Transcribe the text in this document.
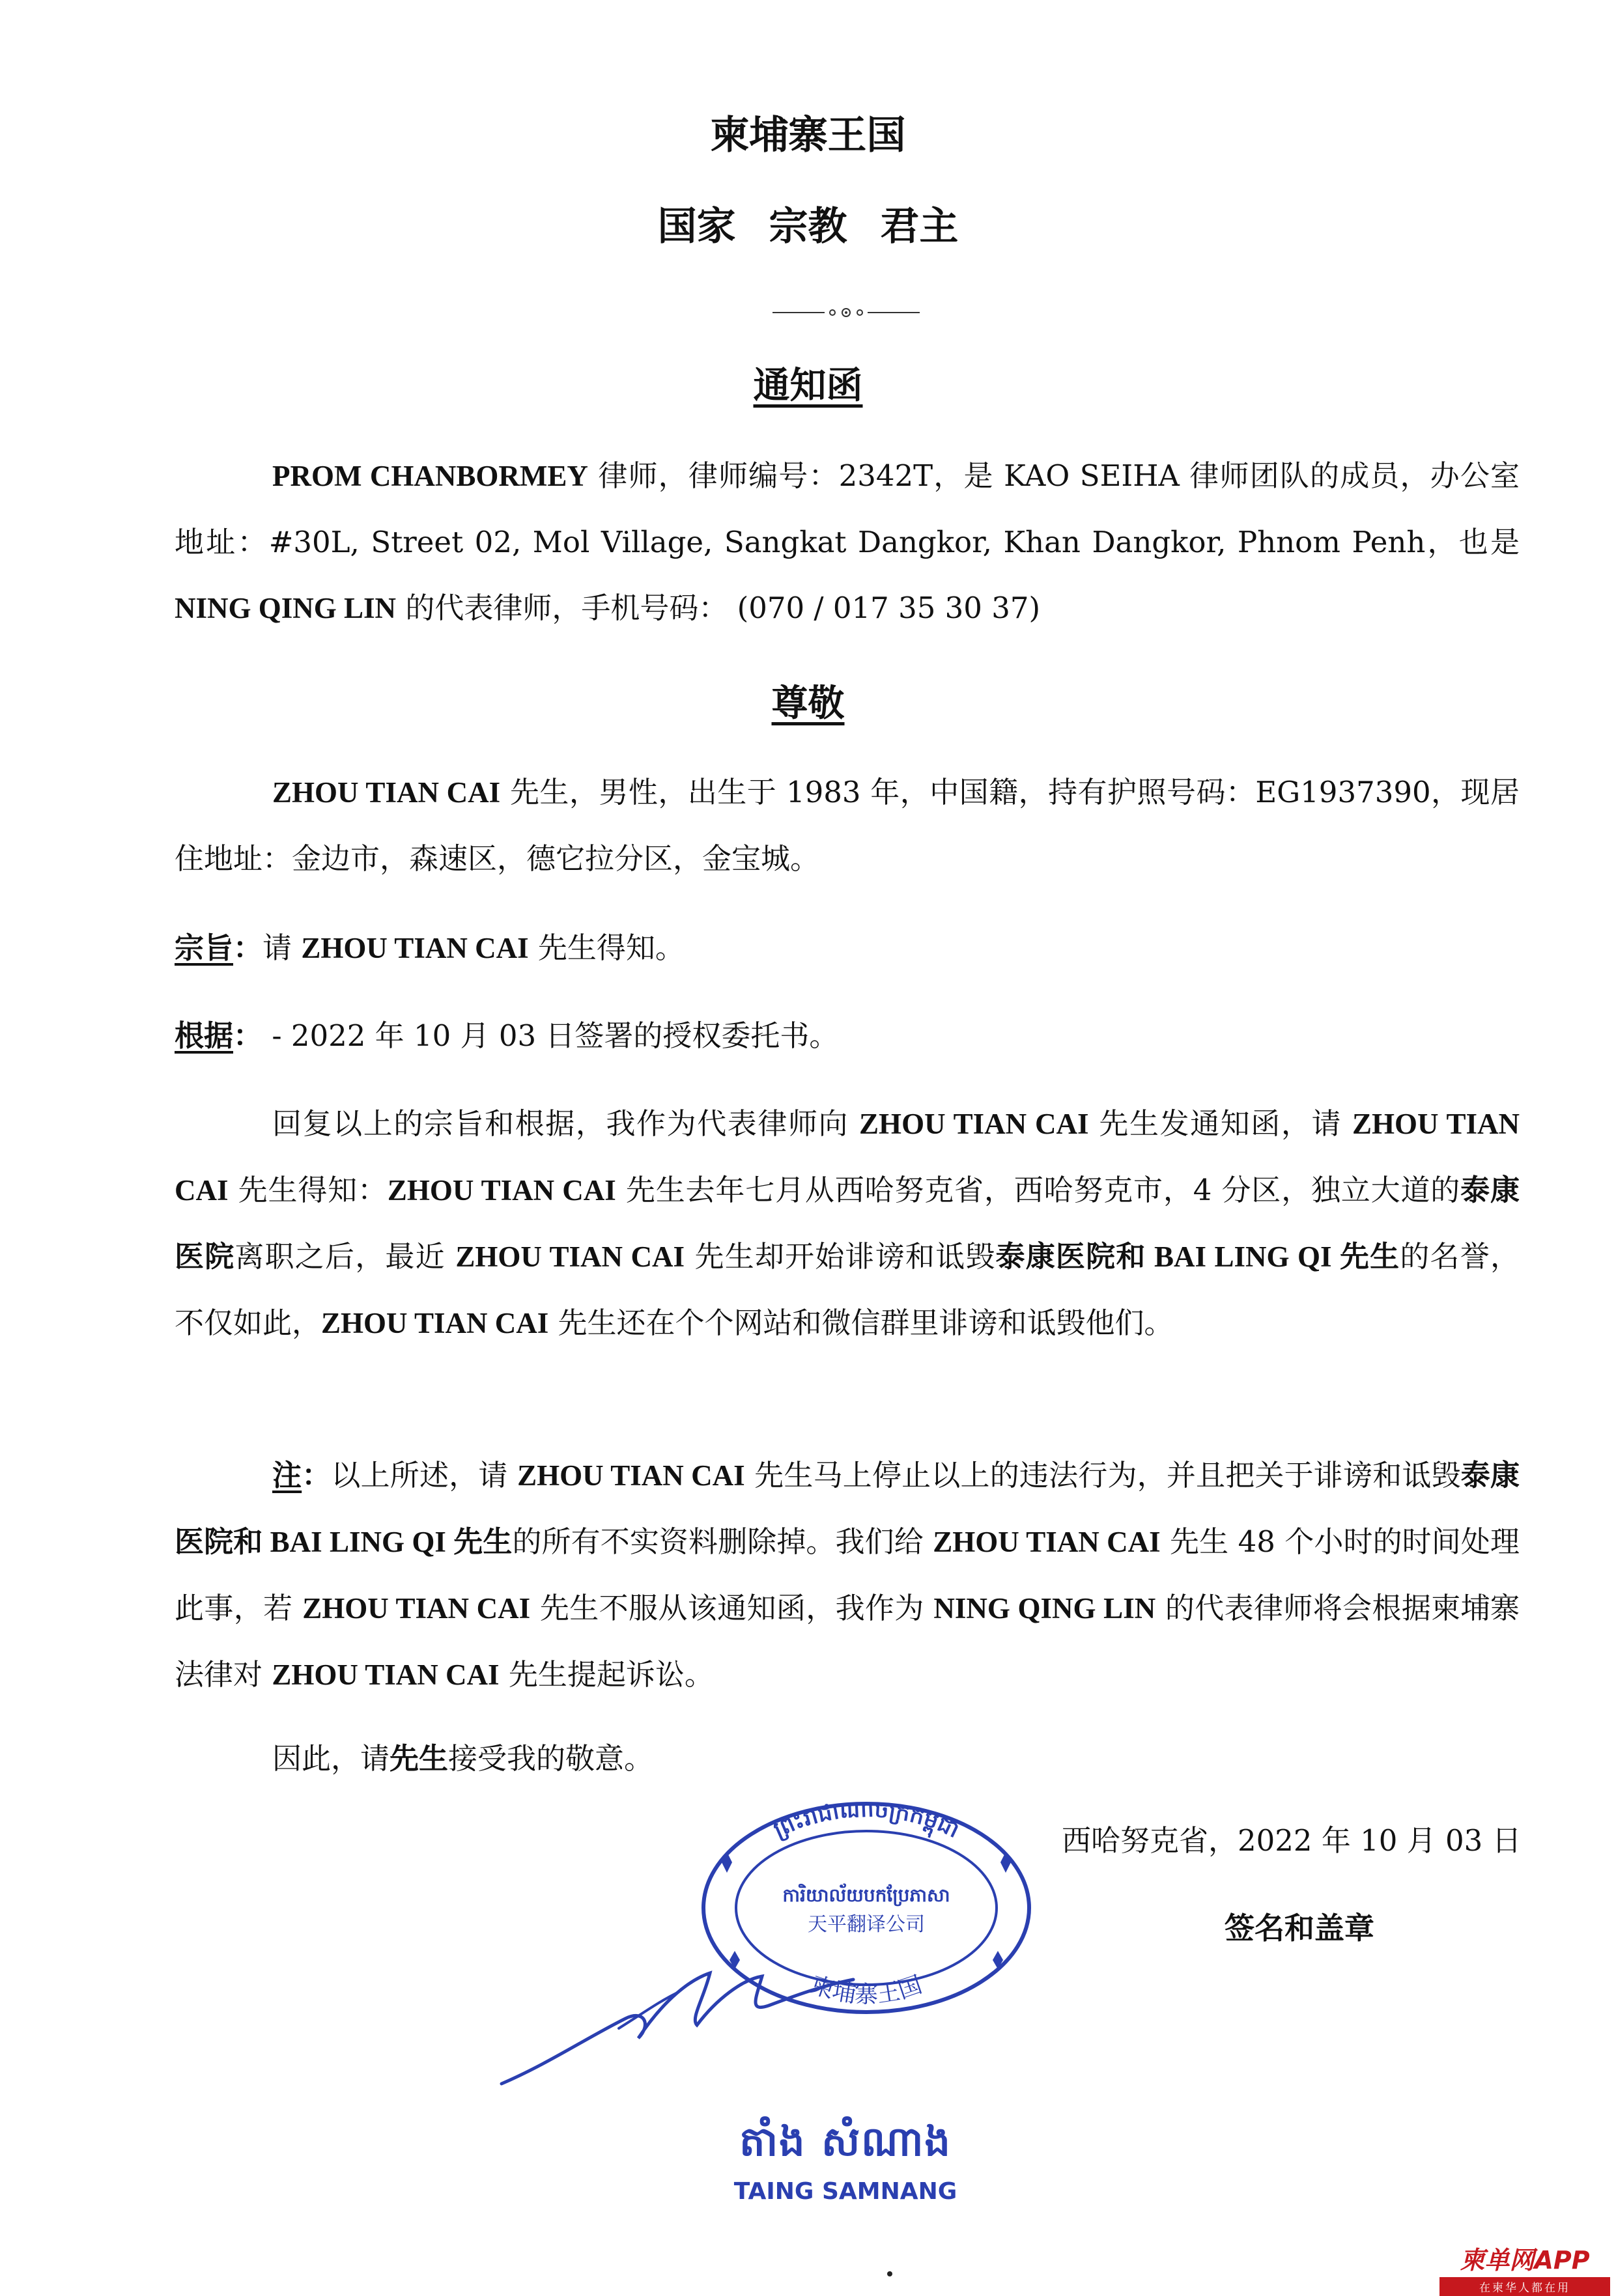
柬埔寨王国
国家 宗教 君主
通知函
PROM CHANBORMEY 律师，律师编号：2342T，是 KAO SEIHA 律师团队的成员，办公室地址：#30L, Street 02, Mol Village, Sangkat Dangkor, Khan Dangkor, Phnom Penh，也是 NING QING LIN 的代表律师，手机号码： (070 / 017 35 30 37)
尊敬
ZHOU TIAN CAI 先生，男性，出生于 1983 年，中国籍，持有护照号码：EG1937390，现居住地址：金边市，森速区，德它拉分区，金宝城。
宗旨：请 ZHOU TIAN CAI 先生得知。
根据： - 2022 年 10 月 03 日签署的授权委托书。
回复以上的宗旨和根据，我作为代表律师向 ZHOU TIAN CAI 先生发通知函，请 ZHOU TIAN CAI 先生得知：ZHOU TIAN CAI 先生去年七月从西哈努克省，西哈努克市，4 分区，独立大道的泰康医院离职之后，最近 ZHOU TIAN CAI 先生却开始诽谤和诋毁泰康医院和 BAI LING QI 先生的名誉，不仅如此，ZHOU TIAN CAI 先生还在个个网站和微信群里诽谤和诋毁他们。
注：以上所述，请 ZHOU TIAN CAI 先生马上停止以上的违法行为，并且把关于诽谤和诋毁泰康医院和 BAI LING QI 先生的所有不实资料删除掉。我们给 ZHOU TIAN CAI 先生 48 个小时的时间处理此事，若 ZHOU TIAN CAI 先生不服从该通知函，我作为 NING QING LIN 的代表律师将会根据柬埔寨法律对 ZHOU TIAN CAI 先生提起诉讼。
因此，请先生接受我的敬意。
西哈努克省，2022 年 10 月 03 日
签名和盖章
ព្រះរាជាណាចក្រកម្ពុជា
ការិយាល័យបកប្រែភាសា
天平翻译公司
柬埔寨王国
តាំង សំណាង
TAING SAMNANG
柬单网APP
在柬华人都在用
